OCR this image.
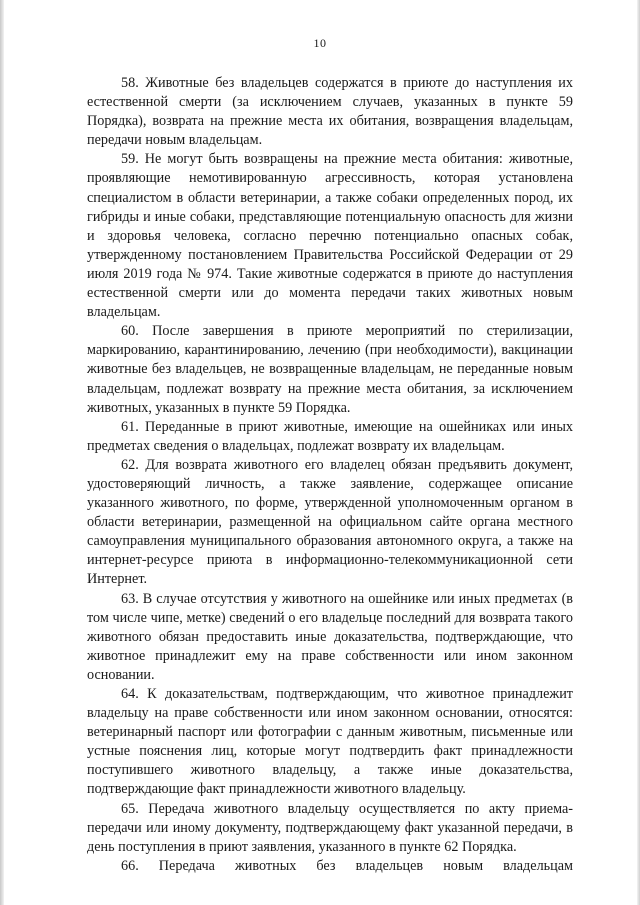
10

58. Животные без владельцев содержатся в приюте до наступления их естественной смерти (за исключением случаев, указанных в пункте 59 Порядка), возврата на прежние места их обитания, возвращения владельцам, передачи новым владельцам.

59. Не могут быть возвращены на прежние места обитания: животные, проявляющие немотивированную агрессивность, которая установлена специалистом в области ветеринарии, а также собаки определенных пород, их гибриды и иные собаки, представляющие потенциальную опасность для жизни и здоровья человека, согласно перечню потенциально опасных собак, утвержденному постановлением Правительства Российской Федерации от 29 июля 2019 года № 974. Такие животные содержатся в приюте до наступления естественной смерти или до момента передачи таких животных новым владельцам.

60. После завершения в приюте мероприятий по стерилизации, маркированию, карантинированию, лечению (при необходимости), вакцинации животные без владельцев, не возвращенные владельцам, не переданные новым владельцам, подлежат возврату на прежние места обитания, за исключением животных, указанных в пункте 59 Порядка.

61. Переданные в приют животные, имеющие на ошейниках или иных предметах сведения о владельцах, подлежат возврату их владельцам.

62. Для возврата животного его владелец обязан предъявить документ, удостоверяющий личность, а также заявление, содержащее описание указанного животного, по форме, утвержденной уполномоченным органом в области ветеринарии, размещенной на официальном сайте органа местного самоуправления муниципального образования автономного округа, а также на интернет-ресурсе приюта в информационно-телекоммуникационной сети Интернет.

63. В случае отсутствия у животного на ошейнике или иных предметах (в том числе чипе, метке) сведений о его владельце последний для возврата такого животного обязан предоставить иные доказательства, подтверждающие, что животное принадлежит ему на праве собственности или ином законном основании.

64. К доказательствам, подтверждающим, что животное принадлежит владельцу на праве собственности или ином законном основании, относятся: ветеринарный паспорт или фотографии с данным животным, письменные или устные пояснения лиц, которые могут подтвердить факт принадлежности поступившего животного владельцу, а также иные доказательства, подтверждающие факт принадлежности животного владельцу.

65. Передача животного владельцу осуществляется по акту приема-передачи или иному документу, подтверждающему факт указанной передачи, в день поступления в приют заявления, указанного в пункте 62 Порядка.

66. Передача животных без владельцев новым владельцам
